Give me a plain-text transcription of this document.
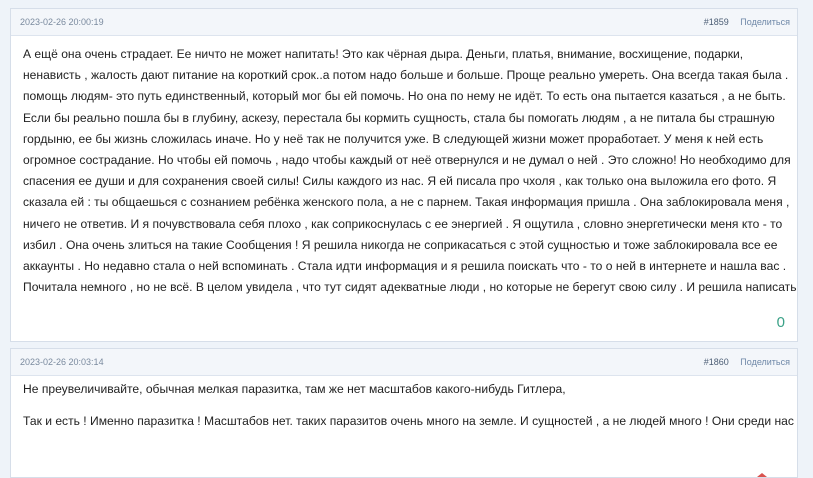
2023-02-26 20:00:19	#1859 Поделиться

А ещё она очень страдает. Ее ничто не может напитать! Это как чёрная дыра. Деньги, платья, внимание, восхищение, подарки, ненависть , жалость дают питание на короткий срок..а потом надо больше и больше. Проще реально умереть. Она всегда такая была . помощь людям- это путь единственный, который мог бы ей помочь. Но она по нему не идёт. То есть она пытается казаться , а не быть. Если бы реально пошла бы в глубину, аскезу, перестала бы кормить сущность, стала бы помогать людям , а не питала бы страшную гордыню, ее бы жизнь сложилась иначе. Но у неё так не получится уже. В следующей жизни может проработает. У меня к ней есть огромное сострадание. Но чтобы ей помочь , надо чтобы каждый от неё отвернулся и не думал о ней . Это сложно! Но необходимо для спасения ее души и для сохранения своей силы! Силы каждого из нас. Я ей писала про чхоля , как только она выложила его фото. Я сказала ей : ты общаешься с сознанием ребёнка женского пола, а не с парнем. Такая информация пришла . Она заблокировала меня , ничего не ответив. И я почувствовала себя плохо , как соприкоснулась с ее энергией . Я ощутила , словно энергетически меня кто - то избил . Она очень злиться на такие Сообщения ! Я решила никогда не соприкасаться с этой сущностью и тоже заблокировала все ее аккаунты . Но недавно стала о ней вспоминать . Стала идти информация и я решила поискать что - то о ней в интернете и нашла вас . Почитала немного , но не всё. В целом увидела , что тут сидят адекватные люди , но которые не берегут свою силу . И решила написать

0
2023-02-26 20:03:14	#1860 Поделиться

Не преувеличивайте, обычная мелкая паразитка, там же нет масштабов какого-нибудь Гитлера,

Так и есть ! Именно паразитка ! Масштабов нет. таких паразитов очень много на земле. И сущностей , а не людей много ! Они среди нас
